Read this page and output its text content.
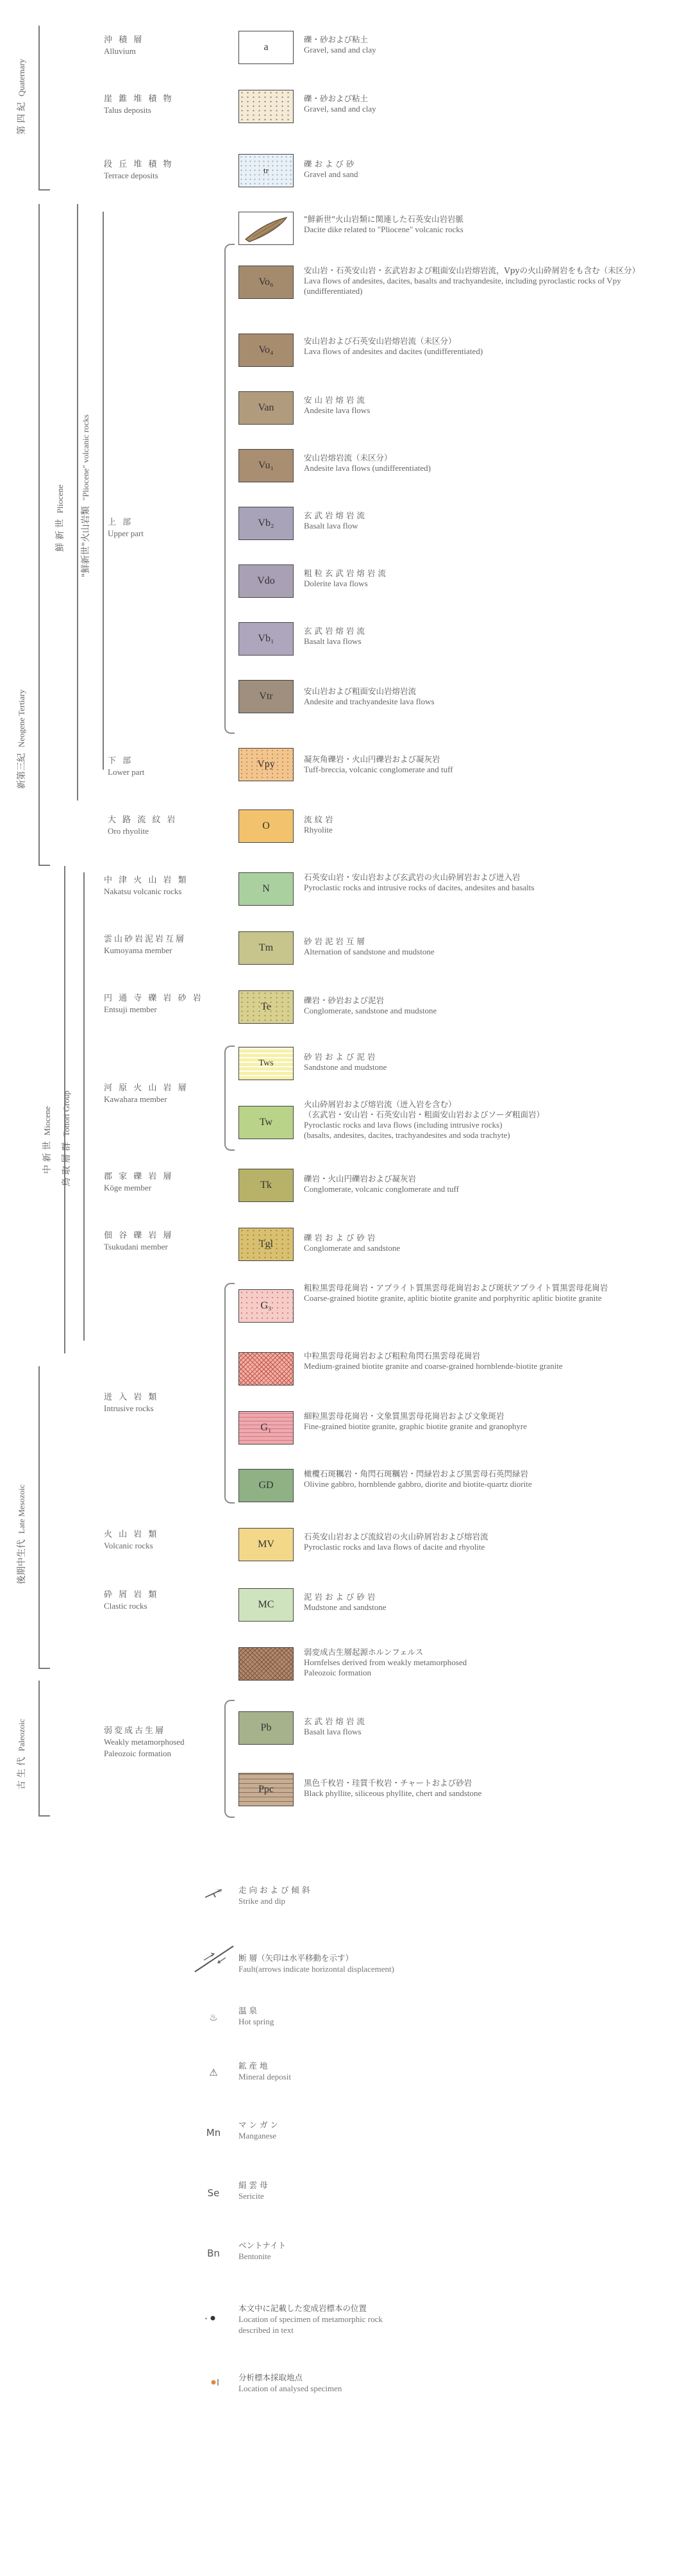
第 四 紀  Quaternary
新第三紀  Neogene Tertiary
鮮 新 世  Pliocene
"鮮新世"火山岩類  "Pliocene" volcanic rocks
中 新 世  Miocene
鳥 取 層 群  Tottori Group
後期中生代  Late Mesozoic
古 生 代  Paleozoic
沖 積 層
Alluvium
崖 錐 堆 積 物
Talus deposits
段 丘 堆 積 物
Terrace deposits
上 部
Upper part
下 部
Lower part
大 路 流 紋 岩
Oro rhyolite
中 津 火 山 岩 類
Nakatsu volcanic rocks
雲山砂岩泥岩互層
Kumoyama member
円 通 寺 礫 岩 砂 岩
Entsuji member
河 原 火 山 岩 層
Kawahara member
郡 家 礫 岩 層
Kōge member
佃 谷 礫 岩 層
Tsukudani member
迸 入 岩 類
Intrusive rocks
火 山 岩 類
Volcanic rocks
砕 屑 岩 類
Clastic rocks
弱変成古生層
Weakly metamorphosed
Paleozoic formation
a
礫・砂および粘土
Gravel, sand and clay
礫・砂および粘土
Gravel, sand and clay
tr
礫 お よ び 砂
Gravel and sand
"鮮新世"火山岩類に関連した石英安山岩岩脈
Dacite dike related to "Pliocene" volcanic rocks
Vo₆
安山岩・石英安山岩・玄武岩および粗面安山岩熔岩流，Vpyの火山砕屑岩をも含む（未区分）
Lava flows of andesites, dacites, basalts and trachyandesite, including pyroclastic rocks of Vpy (undifferentiated)
Vo₄
安山岩および石英安山岩熔岩流（未区分）
Lava flows of andesites and dacites (undifferentiated)
Van
安 山 岩 熔 岩 流
Andesite lava flows
Vu₁
安山岩熔岩流（未区分）
Andesite lava flows (undifferentiated)
Vb₂
玄 武 岩 熔 岩 流
Basalt lava flow
Vdo
粗 粒 玄 武 岩 熔 岩 流
Dolerite lava flows
Vb₁
玄 武 岩 熔 岩 流
Basalt lava flows
Vtr	安山岩および粗面安山岩熔岩流
Andesite and trachyandesite lava flows
Vpy	凝灰角礫岩・火山円礫岩および凝灰岩
Tuff-breccia, volcanic conglomerate and tuff
O
流 紋 岩
Rhyolite
N
石英安山岩・安山岩および玄武岩の火山砕屑岩および迸入岩
Pyroclastic rocks and intrusive rocks of dacites, andesites and basalts
Tm
砂 岩 泥 岩 互 層
Alternation of sandstone and mudstone
Te
礫岩・砂岩および泥岩
Conglomerate, sandstone and mudstone
Tws
砂 岩 お よ び 泥 岩
Sandstone and mudstone
Tw
火山砕屑岩および熔岩流（迸入岩を含む）
（玄武岩・安山岩・石英安山岩・粗面安山岩およびソーダ粗面岩）
Pyroclastic rocks and lava flows (including intrusive rocks)
(basalts, andesites, dacites, trachyandesites and soda trachyte)
Tk
礫岩・火山円礫岩および凝灰岩
Conglomerate, volcanic conglomerate and tuff
Tgl
礫 岩 お よ び 砂 岩
Conglomerate and sandstone
G₃
粗粒黒雲母花崗岩・アプライト質黒雲母花崗岩および斑状アプライト質黒雲母花崗岩
Coarse-grained biotite granite, aplitic biotite granite and porphyritic aplitic biotite granite
中粒黒雲母花崗岩および粗粒角閃石黒雲母花崗岩
Medium-grained biotite granite and coarse-grained hornblende-biotite granite
G₁
細粒黒雲母花崗岩・文象質黒雲母花崗岩および文象斑岩
Fine-grained biotite granite, graphic biotite granite and granophyre
GD
橄欖石斑糲岩・角閃石斑糲岩・閃緑岩および黒雲母石英閃緑岩
Olivine gabbro, hornblende gabbro, diorite and biotite-quartz diorite
MV
石英安山岩および流紋岩の火山砕屑岩および熔岩流
Pyroclastic rocks and lava flows of dacite and rhyolite
MC
泥 岩 お よ び 砂 岩
Mudstone and sandstone
弱変成古生層起源ホルンフェルス
Hornfelses derived from weakly metamorphosed
Paleozoic formation
Pb
玄 武 岩 熔 岩 流
Basalt lava flows
Ppc
黒色千枚岩・珪質千枚岩・チャートおよび砂岩
Black phyllite, siliceous phyllite, chert and sandstone
20 走 向 お よ び 傾 斜
Strike and dip
断 層（矢印は水平移動を示す）
Fault(arrows indicate horizontal displacement)
♨
温 泉
Hot spring
⚠
鉱 産 地
Mineral deposit
Mn
マ ン ガ ン
Manganese
Se
絹 雲 母
Sericite
Bn
ベントナイト
Bentonite
•
本文中に記載した変成岩標本の位置
Location of specimen of metamorphic rock
described in text
分析標本採取地点
Location of analysed specimen
